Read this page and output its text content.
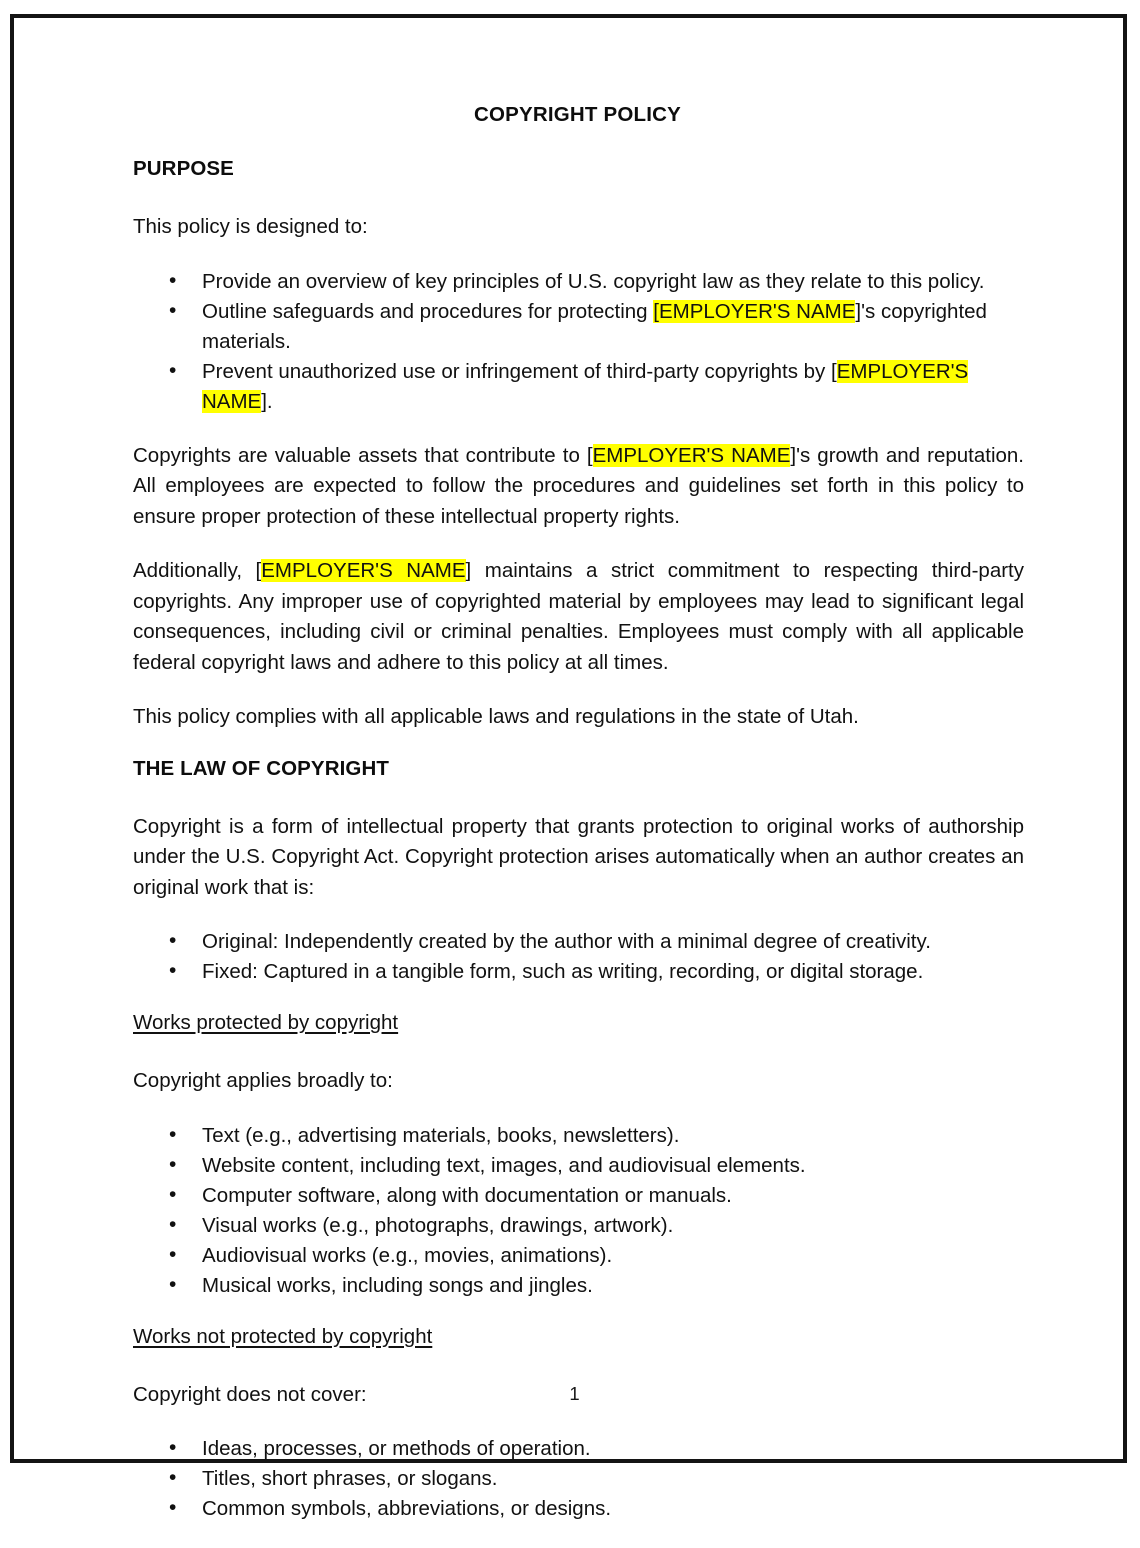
COPYRIGHT POLICY
PURPOSE

This policy is designed to:

• Provide an overview of key principles of U.S. copyright law as they relate to this policy.
• Outline safeguards and procedures for protecting [EMPLOYER'S NAME]'s copyrighted materials.
• Prevent unauthorized use or infringement of third-party copyrights by [EMPLOYER'S NAME].

Copyrights are valuable assets that contribute to [EMPLOYER'S NAME]'s growth and reputation. All employees are expected to follow the procedures and guidelines set forth in this policy to ensure proper protection of these intellectual property rights.

Additionally, [EMPLOYER'S NAME] maintains a strict commitment to respecting third-party copyrights. Any improper use of copyrighted material by employees may lead to significant legal consequences, including civil or criminal penalties. Employees must comply with all applicable federal copyright laws and adhere to this policy at all times.

This policy complies with all applicable laws and regulations in the state of Utah.

THE LAW OF COPYRIGHT

Copyright is a form of intellectual property that grants protection to original works of authorship under the U.S. Copyright Act. Copyright protection arises automatically when an author creates an original work that is:

• Original: Independently created by the author with a minimal degree of creativity.
• Fixed: Captured in a tangible form, such as writing, recording, or digital storage.
Works protected by copyright

Copyright applies broadly to:

• Text (e.g., advertising materials, books, newsletters).
• Website content, including text, images, and audiovisual elements.
• Computer software, along with documentation or manuals.
• Visual works (e.g., photographs, drawings, artwork).
• Audiovisual works (e.g., movies, animations).
• Musical works, including songs and jingles.
Works not protected by copyright

Copyright does not cover:

• Ideas, processes, or methods of operation.
• Titles, short phrases, or slogans.
• Common symbols, abbreviations, or designs.
1
